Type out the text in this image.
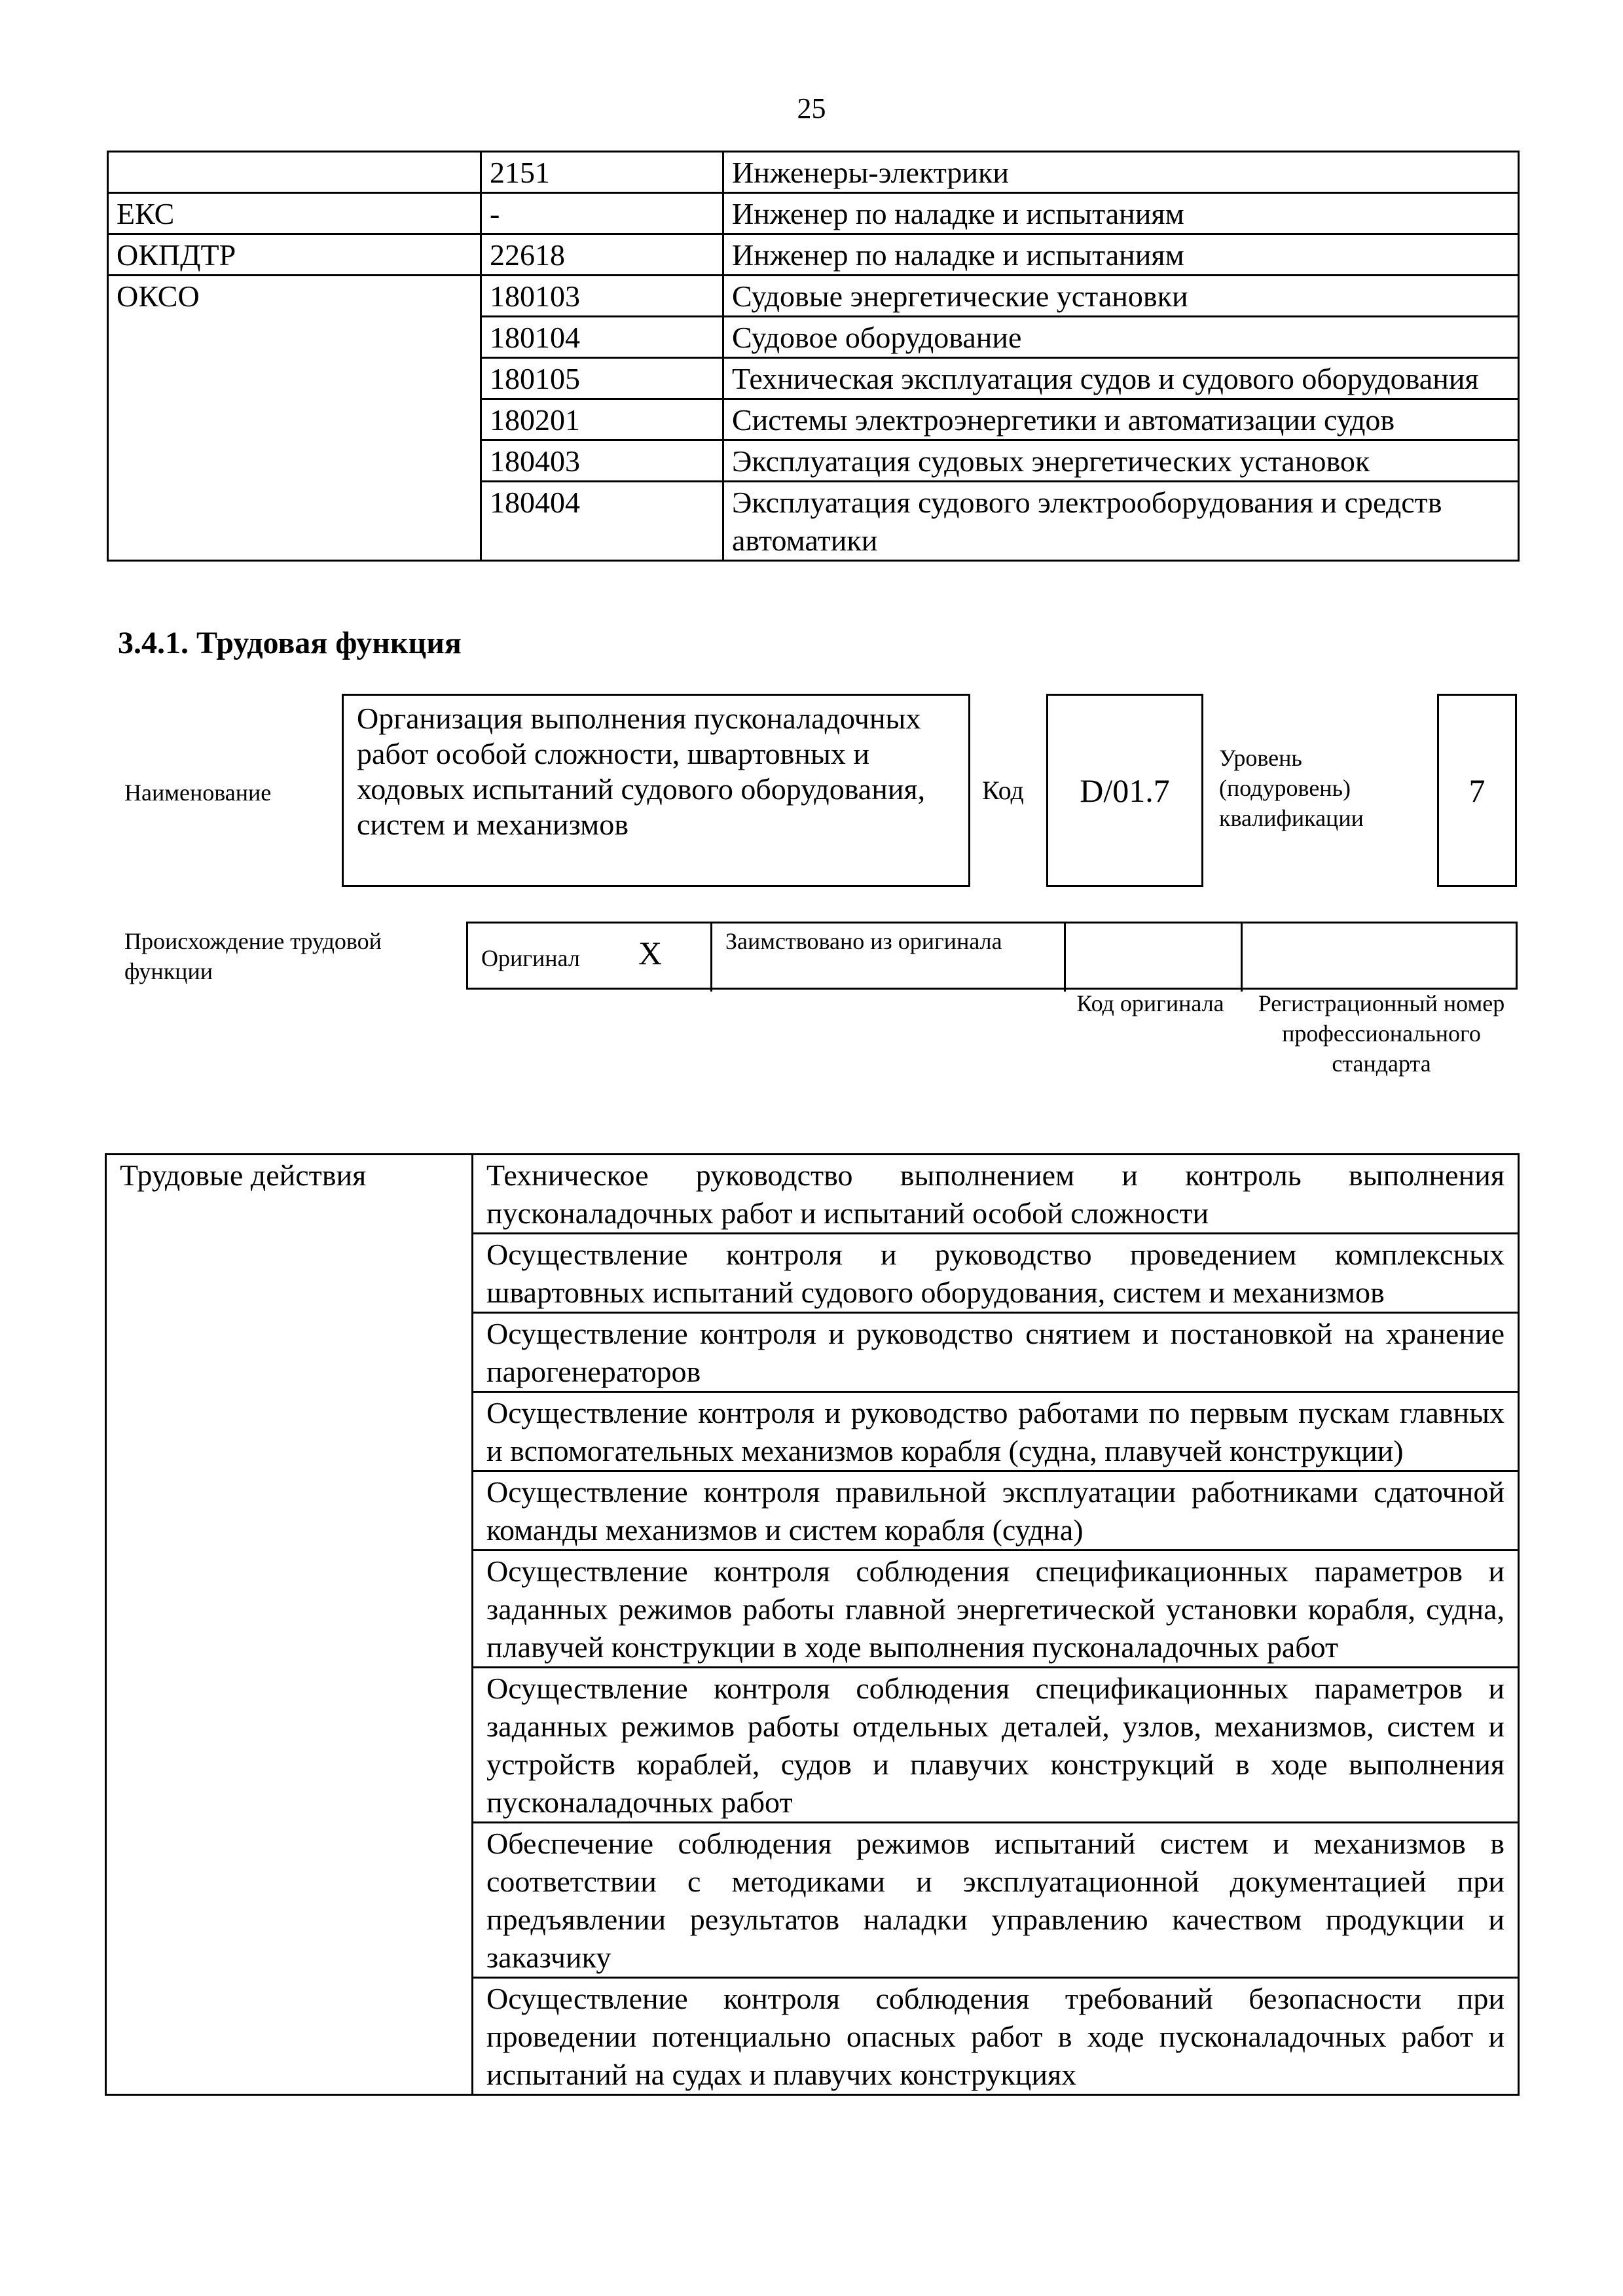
25
	2151	Инженеры-электрики
ЕКС	-	Инженер по наладке и испытаниям
ОКПДТР	22618	Инженер по наладке и испытаниям
ОКСО	180103	Судовые энергетические установки
	180104	Судовое оборудование
	180105	Техническая эксплуатация судов и судового оборудования
	180201	Системы электроэнергетики и автоматизации судов
	180403	Эксплуатация судовых энергетических установок
	180404	Эксплуатация судового электрооборудования и средств автоматики
3.4.1. Трудовая функция
Наименование
Организация выполнения пусконаладочных работ особой сложности, швартовных и ходовых испытаний судового оборудования, систем и механизмов
Код D/01.7
Уровень (подуровень) квалификации
7
Происхождение трудовой функции	Оригинал X	Заимствовано из оригинала
Код оригинала	Регистрационный номер профессионального стандарта
Трудовые действия	Техническое руководство выполнением и контроль выполнения пусконаладочных работ и испытаний особой сложности
Осуществление контроля и руководство проведением комплексных швартовных испытаний судового оборудования, систем и механизмов
Осуществление контроля и руководство снятием и постановкой на хранение парогенераторов
Осуществление контроля и руководство работами по первым пускам главных и вспомогательных механизмов корабля (судна, плавучей конструкции)
Осуществление контроля правильной эксплуатации работниками сдаточной команды механизмов и систем корабля (судна)
Осуществление контроля соблюдения спецификационных параметров и заданных режимов работы главной энергетической установки корабля, судна, плавучей конструкции в ходе выполнения пусконаладочных работ
Осуществление контроля соблюдения спецификационных параметров и заданных режимов работы отдельных деталей, узлов, механизмов, систем и устройств кораблей, судов и плавучих конструкций в ходе выполнения пусконаладочных работ
Обеспечение соблюдения режимов испытаний систем и механизмов в соответствии с методиками и эксплуатационной документацией при предъявлении результатов наладки управлению качеством продукции и заказчику
Осуществление контроля соблюдения требований безопасности при проведении потенциально опасных работ в ходе пусконаладочных работ и испытаний на судах и плавучих конструкциях
